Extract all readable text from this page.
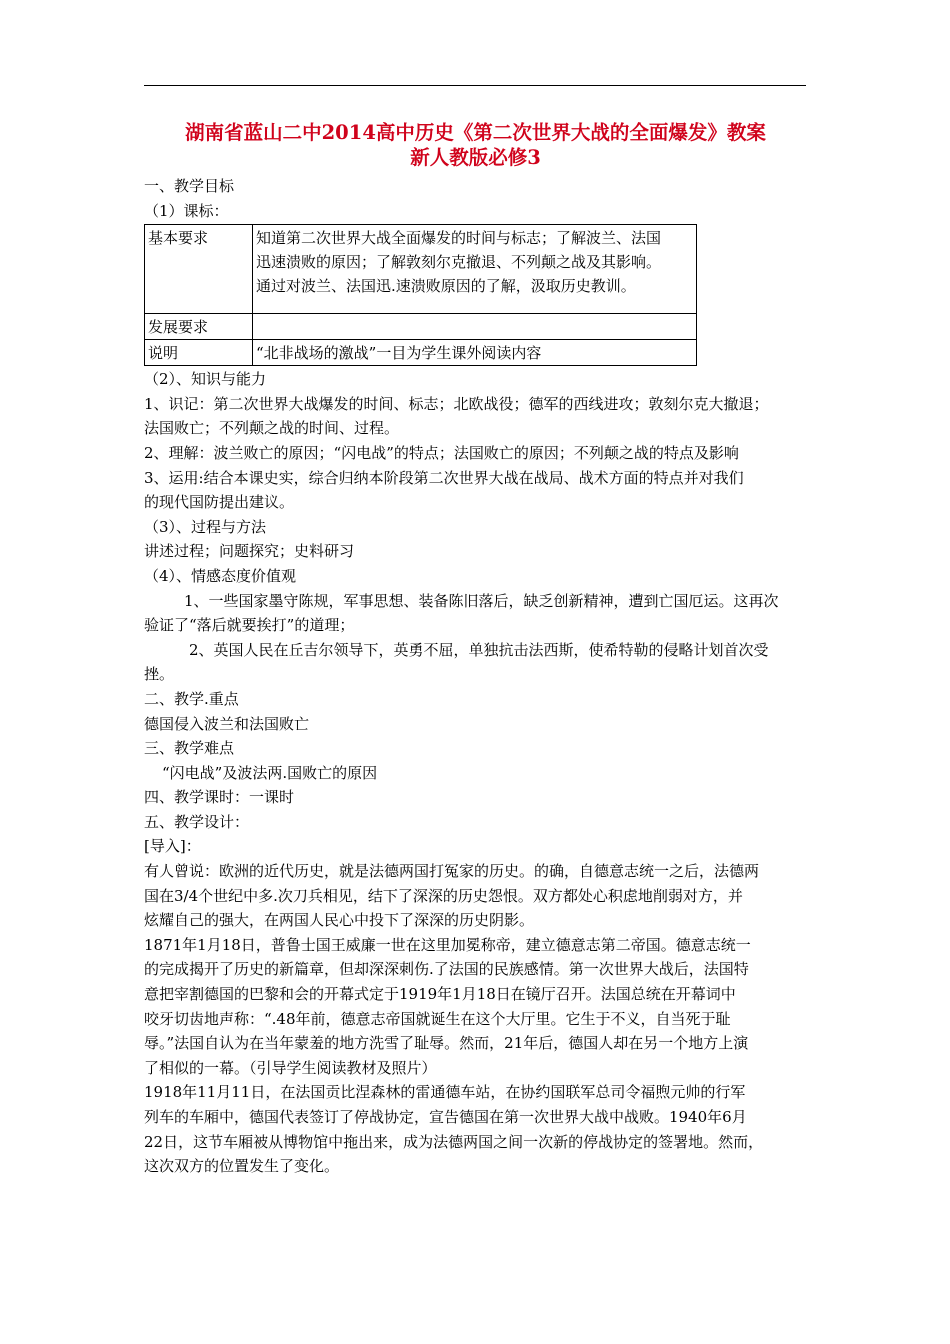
湖南省蓝山二中2014高中历史《第二次世界大战的全面爆发》教案
新人教版必修3

一、教学目标

（1）课标：

基本要求	知道第二次世界大战全面爆发的时间与标志；了解波兰、法国
迅速溃败的原因；了解敦刻尔克撤退、不列颠之战及其影响。
通过对波兰、法国迅.速溃败原因的了解，汲取历史教训。

发展要求	
说明	“北非战场的激战”一目为学生课外阅读内容

（2）、知识与能力

1、识记：第二次世界大战爆发的时间、标志；北欧战役；德军的西线进攻；敦刻尔克大撤退；

法国败亡；不列颠之战的时间、过程。

2、理解：波兰败亡的原因；“闪电战”的特点；法国败亡的原因；不列颠之战的特点及影响

3、运用:结合本课史实，综合归纳本阶段第二次世界大战在战局、战术方面的特点并对我们

的现代国防提出建议。

（3）、过程与方法

讲述过程；问题探究；史料研习

（4）、情感态度价值观

1、一些国家墨守陈规，军事思想、装备陈旧落后，缺乏创新精神，遭到亡国厄运。这再次

验证了“落后就要挨打”的道理；

2、英国人民在丘吉尔领导下，英勇不屈，单独抗击法西斯，使希特勒的侵略计划首次受

挫。

二、教学.重点

德国侵入波兰和法国败亡

三、教学难点

“闪电战”及波法两.国败亡的原因

四、教学课时：一课时

五、教学设计：

[导入]：

有人曾说：欧洲的近代历史，就是法德两国打冤家的历史。的确，自德意志统一之后，法德两

国在3/4个世纪中多.次刀兵相见，结下了深深的历史怨恨。双方都处心积虑地削弱对方，并

炫耀自己的强大，在两国人民心中投下了深深的历史阴影。

1871年1月18日，普鲁士国王威廉一世在这里加冕称帝，建立德意志第二帝国。德意志统一

的完成揭开了历史的新篇章，但却深深刺伤.了法国的民族感情。第一次世界大战后，法国特

意把宰割德国的巴黎和会的开幕式定于1919年1月18日在镜厅召开。法国总统在开幕词中

咬牙切齿地声称：“.48年前，德意志帝国就诞生在这个大厅里。它生于不义，自当死于耻

辱。”法国自认为在当年蒙羞的地方洗雪了耻辱。然而，21年后，德国人却在另一个地方上演

了相似的一幕。（引导学生阅读教材及照片）

1918年11月11日，在法国贡比涅森林的雷通德车站，在协约国联军总司令福煦元帅的行军

列车的车厢中，德国代表签订了停战协定，宣告德国在第一次世界大战中战败。1940年6月

22日，这节车厢被从博物馆中拖出来，成为法德两国之间一次新的停战协定的签署地。然而，

这次双方的位置发生了变化。
